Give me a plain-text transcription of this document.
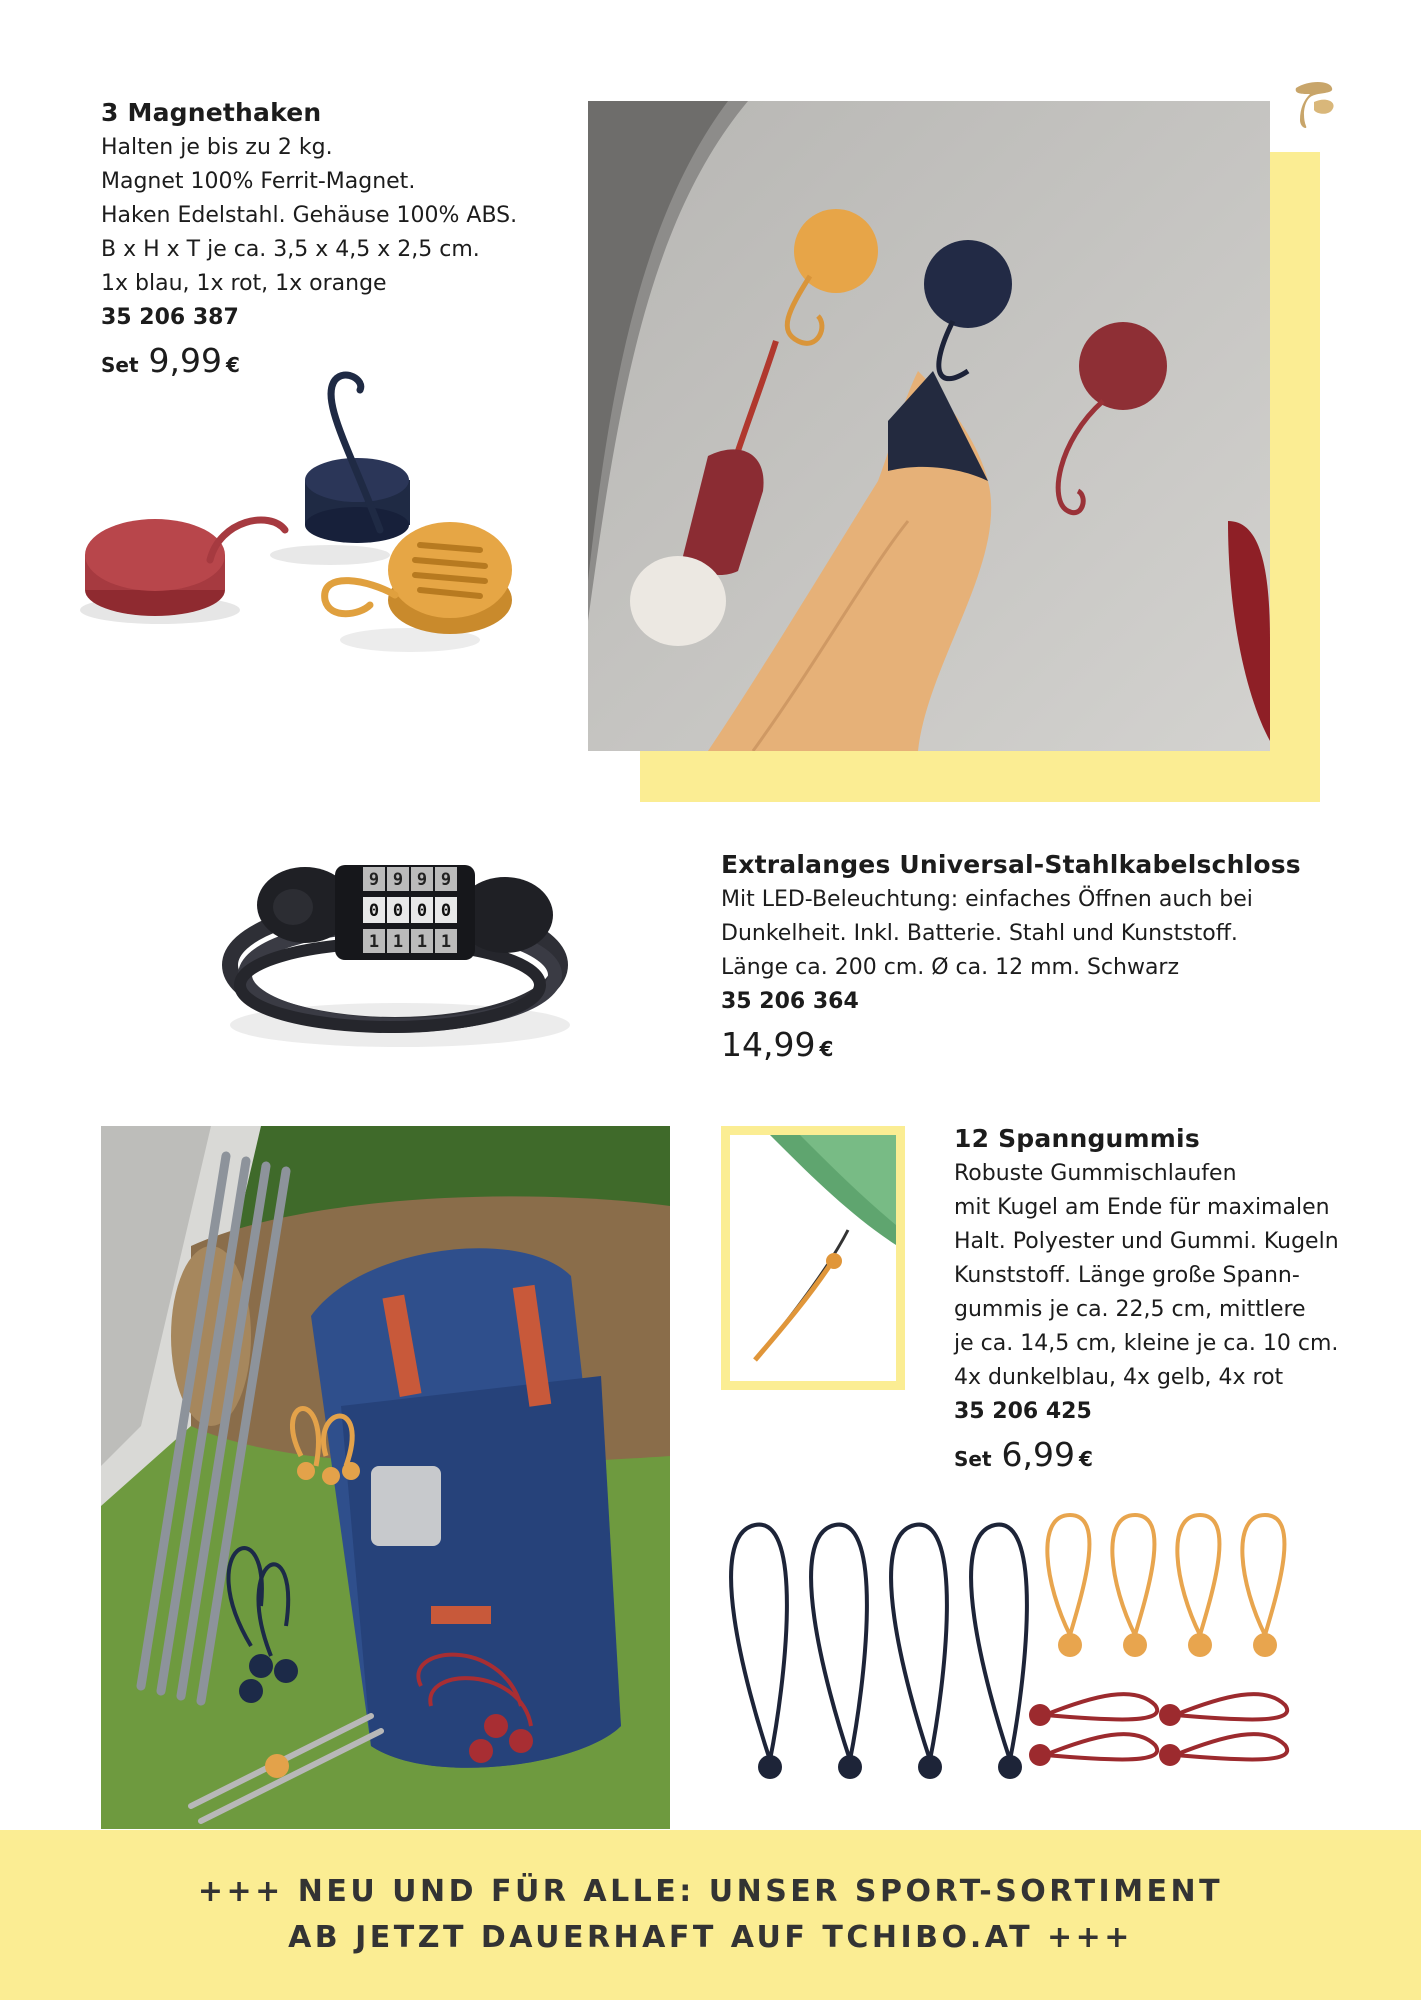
3 Magnethaken
Halten je bis zu 2 kg.
Magnet 100% Ferrit-Magnet.
Haken Edelstahl. Gehäuse 100% ABS.
B x H x T je ca. 3,5 x 4,5 x 2,5 cm.
1x blau, 1x rot, 1x orange
35 206 387
Set 9,99 €
9 9 9 9
0 0 0 0
1 1 1 1
Extralanges Universal-Stahlkabelschloss
Mit LED-Beleuchtung: einfaches Öffnen auch bei
Dunkelheit. Inkl. Batterie. Stahl und Kunststoff.
Länge ca. 200 cm. Ø ca. 12 mm. Schwarz
35 206 364
14,99 €
12 Spanngummis
Robuste Gummischlaufen
mit Kugel am Ende für maximalen
Halt. Polyester und Gummi. Kugeln
Kunststoff. Länge große Spann-
gummis je ca. 22,5 cm, mittlere
je ca. 14,5 cm, kleine je ca. 10 cm.
4x dunkelblau, 4x gelb, 4x rot
35 206 425
Set 6,99 €
+++ NEU UND FÜR ALLE: UNSER SPORT-SORTIMENT
AB JETZT DAUERHAFT AUF TCHIBO.AT +++
